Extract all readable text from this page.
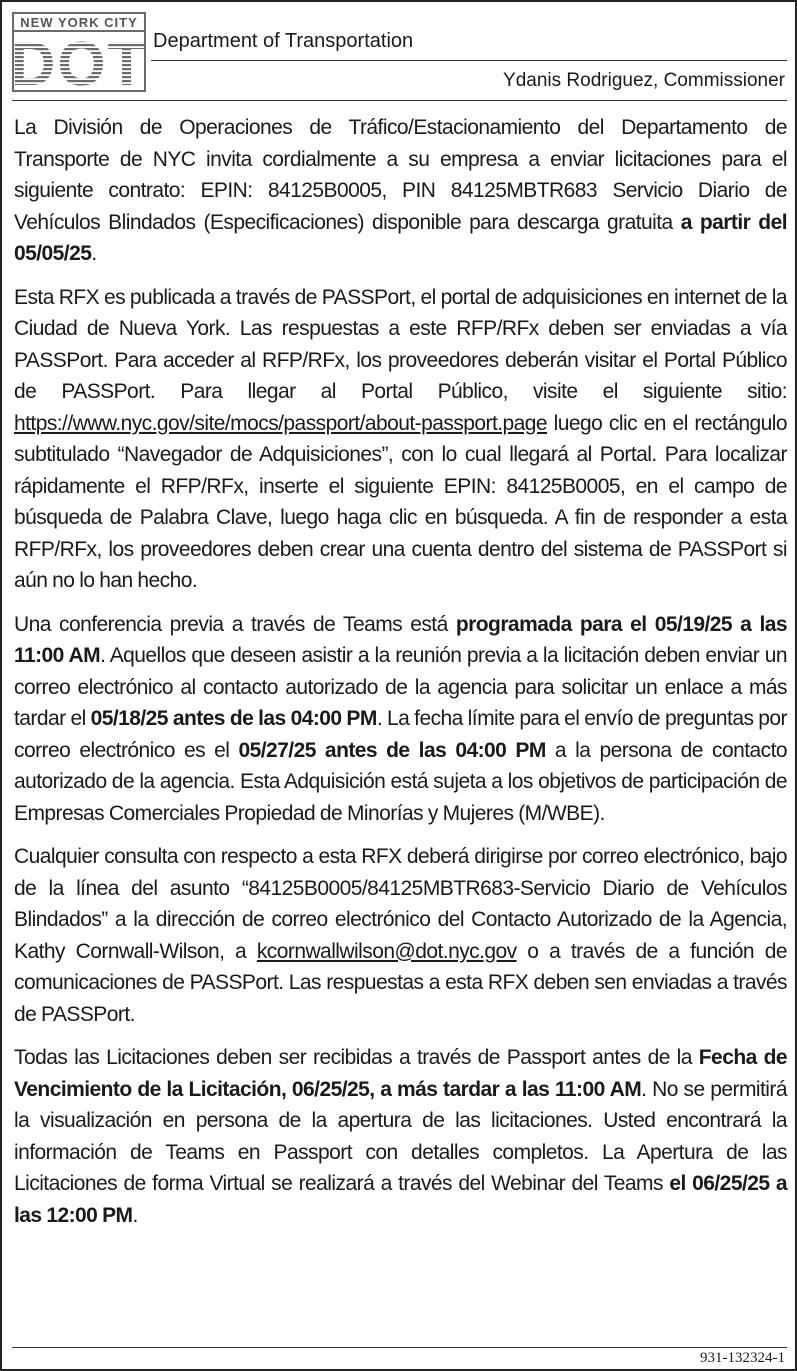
NEW YORK CITY
DOT Department of Transportation
Ydanis Rodriguez, Commissioner

La División de Operaciones de Tráfico/Estacionamiento del Departamento de Transporte de NYC invita cordialmente a su empresa a enviar licitaciones para el siguiente contrato: EPIN: 84125B0005, PIN 84125MBTR683 Servicio Diario de Vehículos Blindados (Especificaciones) disponible para descarga gratuita a partir del 05/05/25.

Esta RFX es publicada a través de PASSPort, el portal de adquisiciones en internet de la Ciudad de Nueva York. Las respuestas a este RFP/RFx deben ser enviadas a vía PASSPort. Para acceder al RFP/RFx, los proveedores deberán visitar el Portal Público de PASSPort. Para llegar al Portal Público, visite el siguiente sitio: https://www.nyc.gov/site/mocs/passport/about-passport.page luego clic en el rectángulo subtitulado “Navegador de Adquisiciones”, con lo cual llegará al Portal. Para localizar rápidamente el RFP/RFx, inserte el siguiente EPIN: 84125B0005, en el campo de búsqueda de Palabra Clave, luego haga clic en búsqueda. A fin de responder a esta RFP/RFx, los proveedores deben crear una cuenta dentro del sistema de PASSPort si aún no lo han hecho.

Una conferencia previa a través de Teams está programada para el 05/19/25 a las 11:00 AM. Aquellos que deseen asistir a la reunión previa a la licitación deben enviar un correo electrónico al contacto autorizado de la agencia para solicitar un enlace a más tardar el 05/18/25 antes de las 04:00 PM. La fecha límite para el envío de preguntas por correo electrónico es el 05/27/25 antes de las 04:00 PM a la persona de contacto autorizado de la agencia. Esta Adquisición está sujeta a los objetivos de participación de Empresas Comerciales Propiedad de Minorías y Mujeres (M/WBE).

Cualquier consulta con respecto a esta RFX deberá dirigirse por correo electrónico, bajo de la línea del asunto “84125B0005/84125MBTR683-Servicio Diario de Vehículos Blindados” a la dirección de correo electrónico del Contacto Autorizado de la Agencia, Kathy Cornwall-Wilson, a kcornwallwilson@dot.nyc.gov o a través de a función de comunicaciones de PASSPort. Las respuestas a esta RFX deben sen enviadas a través de PASSPort.

Todas las Licitaciones deben ser recibidas a través de Passport antes de la Fecha de Vencimiento de la Licitación, 06/25/25, a más tardar a las 11:00 AM. No se permitirá la visualización en persona de la apertura de las licitaciones. Usted encontrará la información de Teams en Passport con detalles completos. La Apertura de las Licitaciones de forma Virtual se realizará a través del Webinar del Teams el 06/25/25 a las 12:00 PM.

931-132324-1
